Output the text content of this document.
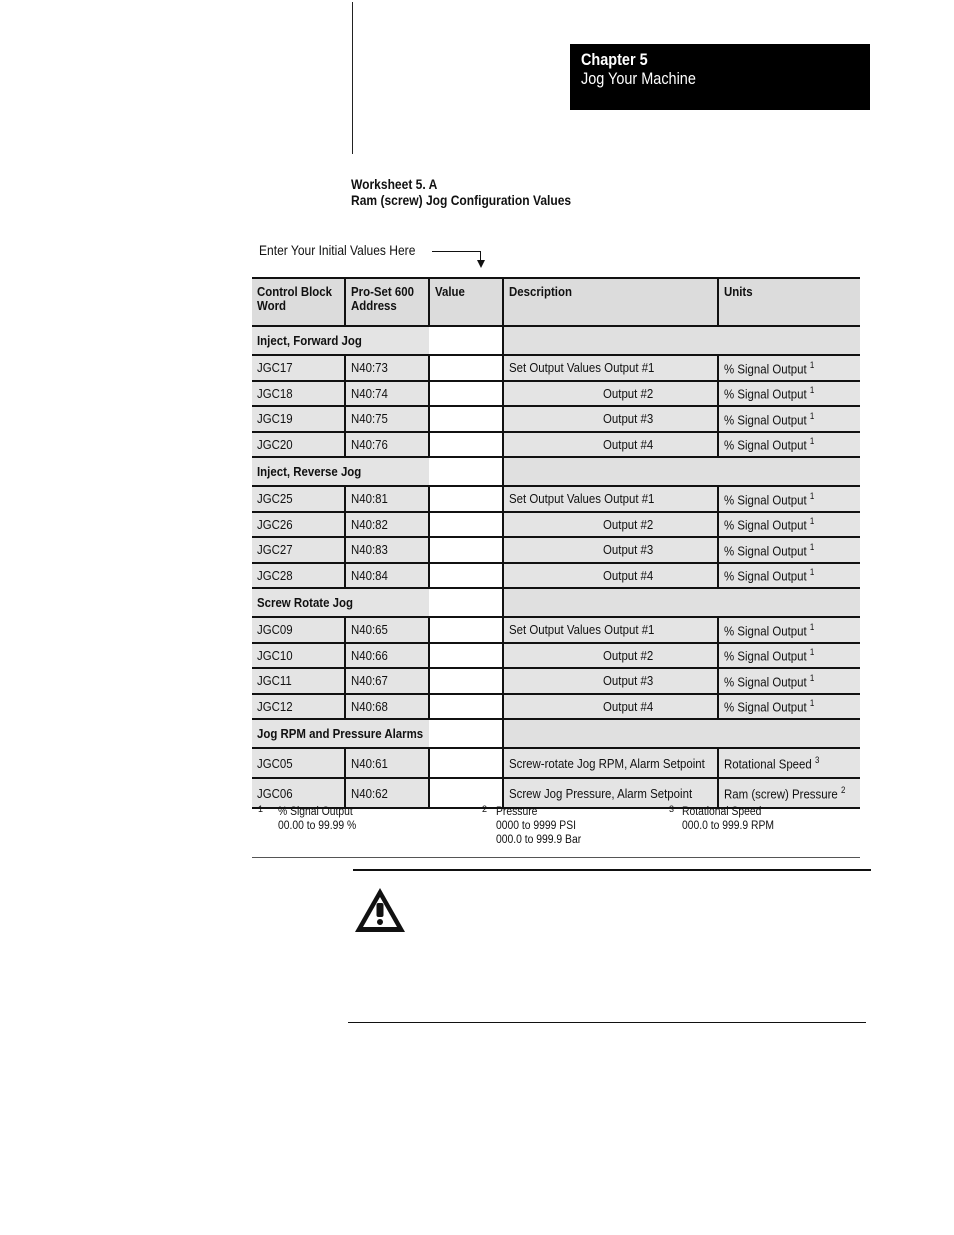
Chapter 5
Jog Your Machine
Worksheet 5. A
Ram (screw) Jog Configuration Values
Enter Your Initial Values Here
Control Block Word	Pro-Set 600 Address	Value	Description	Units
Inject, Forward Jog				
JGC17	N40:73		Set Output Values Output #1	% Signal Output $^1$
JGC18	N40:74		Output #2	% Signal Output $^1$
JGC19	N40:75		Output #3	% Signal Output $^1$
JGC20	N40:76		Output #4	% Signal Output $^1$
Inject, Reverse Jog				
JGC25	N40:81		Set Output Values Output #1	% Signal Output $^1$
JGC26	N40:82		Output #2	% Signal Output $^1$
JGC27	N40:83		Output #3	% Signal Output $^1$
JGC28	N40:84		Output #4	% Signal Output $^1$
Screw Rotate Jog				
JGC09	N40:65		Set Output Values Output #1	% Signal Output $^1$
JGC10	N40:66		Output #2	% Signal Output $^1$
JGC11	N40:67		Output #3	% Signal Output $^1$
JGC12	N40:68		Output #4	% Signal Output $^1$
Jog RPM and Pressure Alarms				
JGC05	N40:61		Screw-rotate Jog RPM, Alarm Setpoint	Rotational Speed $^3$
JGC06	N40:62		Screw Jog Pressure, Alarm Setpoint	Ram (screw) Pressure $^2$
1 % Signal Output
00.00 to 99.99 %
2 Pressure
0000 to 9999 PSI
000.0 to 999.9 Bar
3 Rotational Speed
000.0 to 999.9 RPM
